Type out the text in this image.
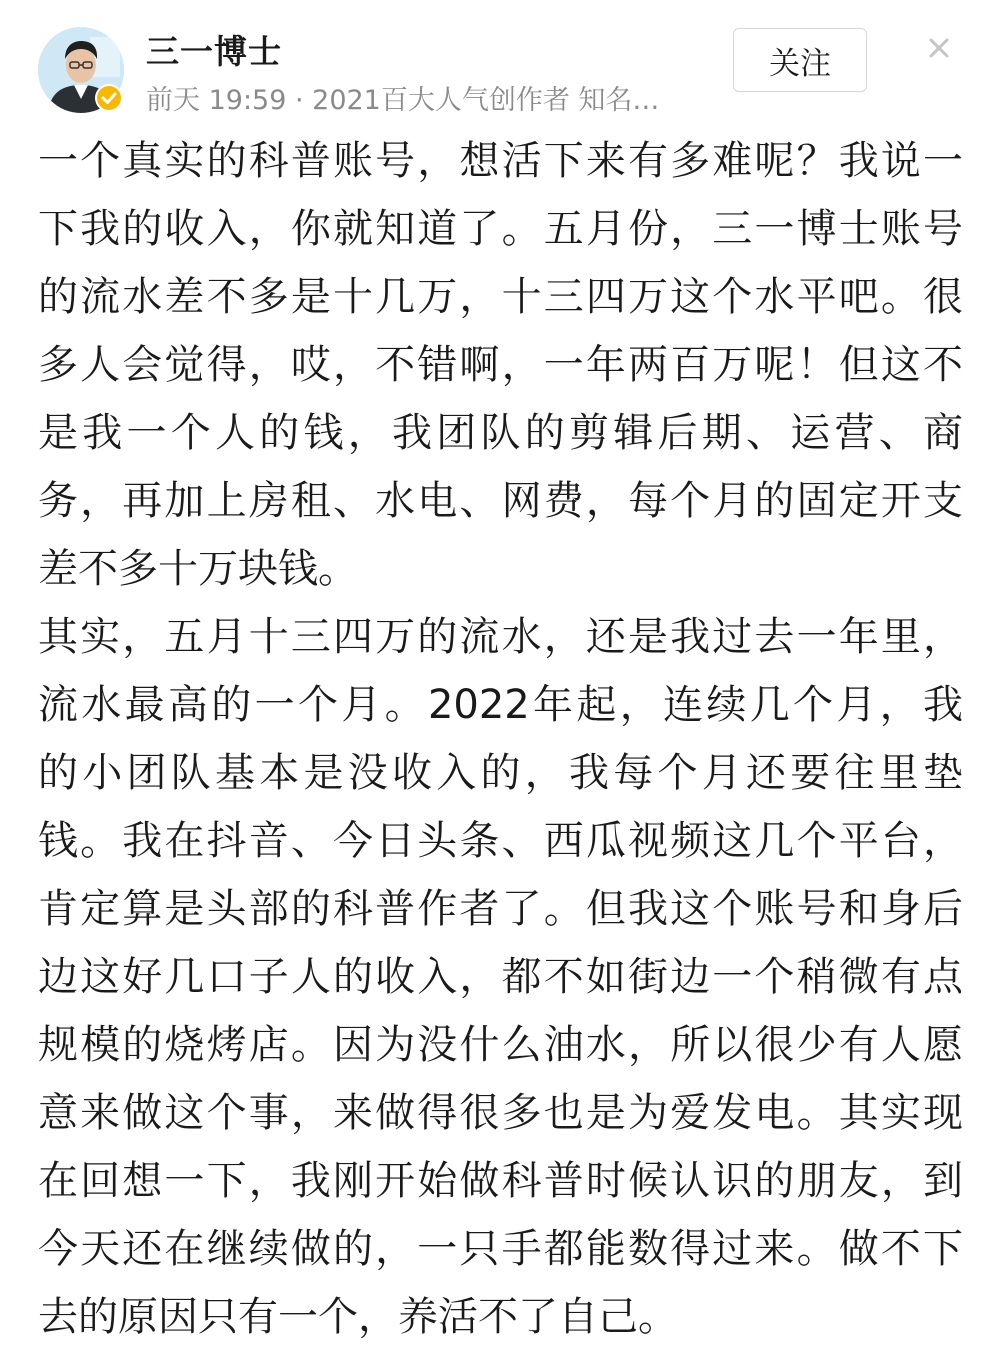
三一博士
前天 19:59 · 2021百大人气创作者 知名…
关注

一个真实的科普账号，想活下来有多难呢？我说一
下我的收入，你就知道了。五月份，三一博士账号
的流水差不多是十几万，十三四万这个水平吧。很
多人会觉得，哎，不错啊，一年两百万呢！但这不
是我一个人的钱，我团队的剪辑后期、运营、商
务，再加上房租、水电、网费，每个月的固定开支
差不多十万块钱。

其实，五月十三四万的流水，还是我过去一年里，
流水最高的一个月。2022年起，连续几个月，我
的小团队基本是没收入的，我每个月还要往里垫
钱。我在抖音、今日头条、西瓜视频这几个平台，
肯定算是头部的科普作者了。但我这个账号和身后
边这好几口子人的收入，都不如街边一个稍微有点
规模的烧烤店。因为没什么油水，所以很少有人愿
意来做这个事，来做得很多也是为爱发电。其实现
在回想一下，我刚开始做科普时候认识的朋友，到
今天还在继续做的，一只手都能数得过来。做不下
去的原因只有一个，养活不了自己。
